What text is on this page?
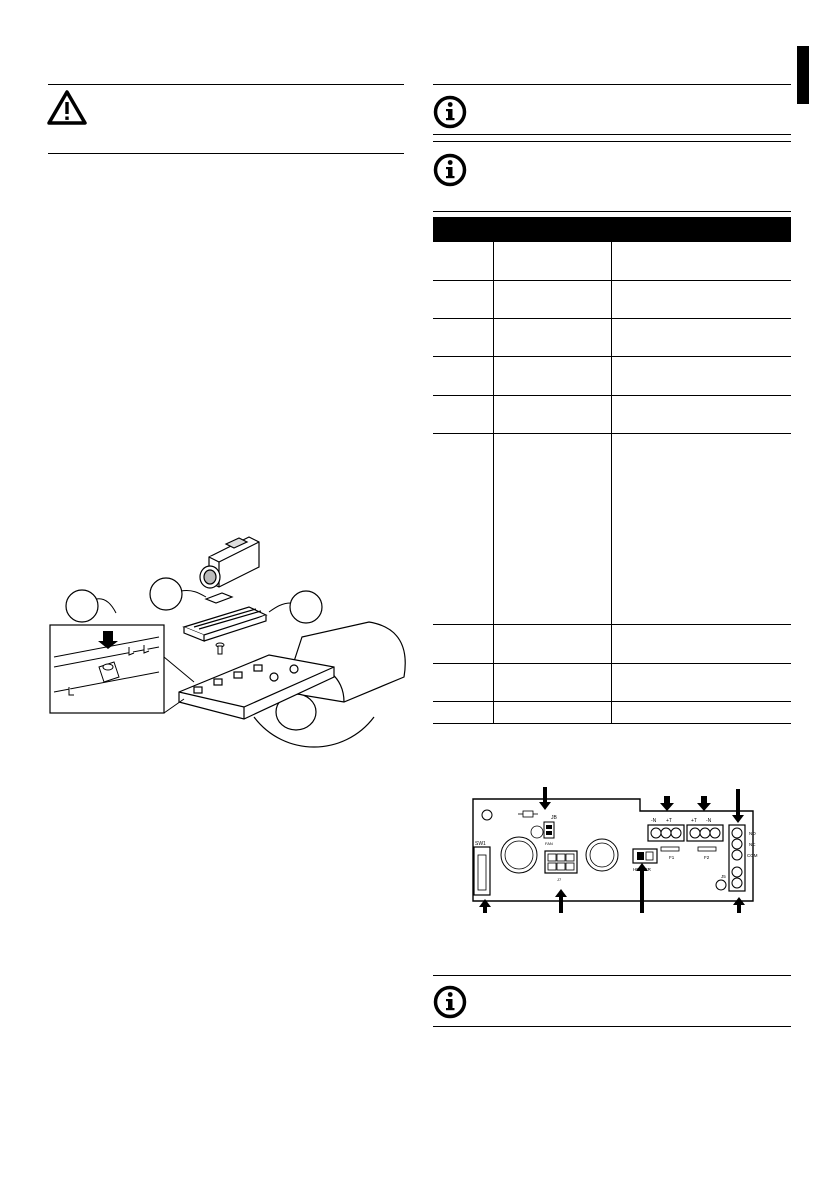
JB
FAN
J7
SW1
HEATER
-N +T	+T -N
F1	F2
NO
NC
COM
J5
